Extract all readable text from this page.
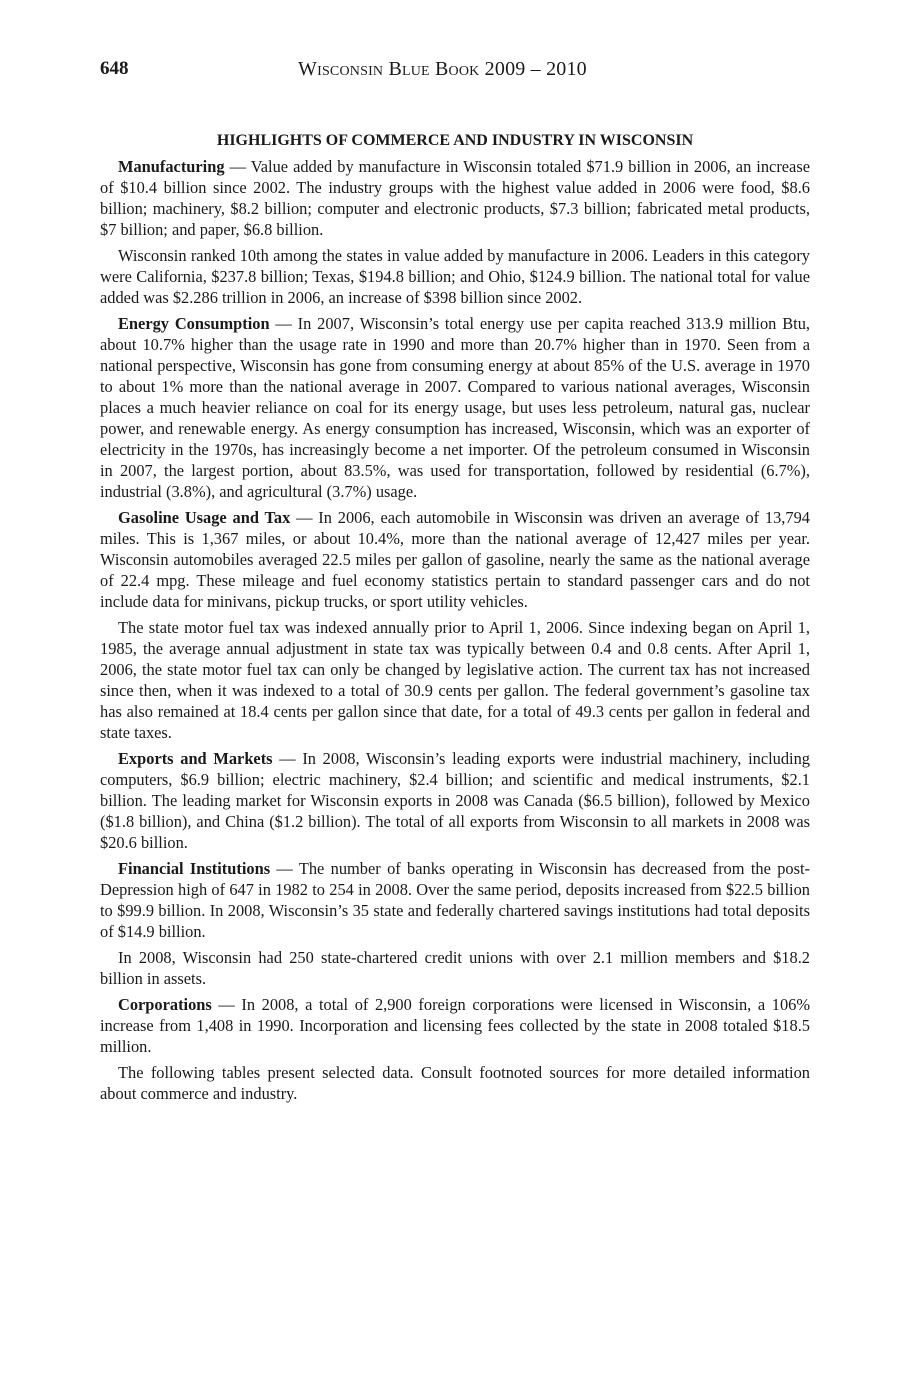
648	Wisconsin Blue Book 2009 – 2010
HIGHLIGHTS OF COMMERCE AND INDUSTRY IN WISCONSIN

Manufacturing — Value added by manufacture in Wisconsin totaled $71.9 billion in 2006, an increase of $10.4 billion since 2002. The industry groups with the highest value added in 2006 were food, $8.6 billion; machinery, $8.2 billion; computer and electronic products, $7.3 billion; fabricated metal products, $7 billion; and paper, $6.8 billion.

Wisconsin ranked 10th among the states in value added by manufacture in 2006. Leaders in this category were California, $237.8 billion; Texas, $194.8 billion; and Ohio, $124.9 billion. The national total for value added was $2.286 trillion in 2006, an increase of $398 billion since 2002.

Energy Consumption — In 2007, Wisconsin’s total energy use per capita reached 313.9 million Btu, about 10.7% higher than the usage rate in 1990 and more than 20.7% higher than in 1970. Seen from a national perspective, Wisconsin has gone from consuming energy at about 85% of the U.S. average in 1970 to about 1% more than the national average in 2007. Compared to various national averages, Wisconsin places a much heavier reliance on coal for its energy usage, but uses less petroleum, natural gas, nuclear power, and renewable energy. As energy consumption has increased, Wisconsin, which was an exporter of electricity in the 1970s, has increasingly become a net importer. Of the petroleum consumed in Wisconsin in 2007, the largest portion, about 83.5%, was used for transportation, followed by residential (6.7%), industrial (3.8%), and agricultural (3.7%) usage.

Gasoline Usage and Tax — In 2006, each automobile in Wisconsin was driven an average of 13,794 miles. This is 1,367 miles, or about 10.4%, more than the national average of 12,427 miles per year. Wisconsin automobiles averaged 22.5 miles per gallon of gasoline, nearly the same as the national average of 22.4 mpg. These mileage and fuel economy statistics pertain to standard passenger cars and do not include data for minivans, pickup trucks, or sport utility vehicles.

The state motor fuel tax was indexed annually prior to April 1, 2006. Since indexing began on April 1, 1985, the average annual adjustment in state tax was typically between 0.4 and 0.8 cents. After April 1, 2006, the state motor fuel tax can only be changed by legislative action. The current tax has not increased since then, when it was indexed to a total of 30.9 cents per gallon. The federal government’s gasoline tax has also remained at 18.4 cents per gallon since that date, for a total of 49.3 cents per gallon in federal and state taxes.

Exports and Markets — In 2008, Wisconsin’s leading exports were industrial machinery, including computers, $6.9 billion; electric machinery, $2.4 billion; and scientific and medical instruments, $2.1 billion. The leading market for Wisconsin exports in 2008 was Canada ($6.5 billion), followed by Mexico ($1.8 billion), and China ($1.2 billion). The total of all exports from Wisconsin to all markets in 2008 was $20.6 billion.

Financial Institutions — The number of banks operating in Wisconsin has decreased from the post-Depression high of 647 in 1982 to 254 in 2008. Over the same period, deposits increased from $22.5 billion to $99.9 billion. In 2008, Wisconsin’s 35 state and federally chartered savings institutions had total deposits of $14.9 billion.

In 2008, Wisconsin had 250 state-chartered credit unions with over 2.1 million members and $18.2 billion in assets.

Corporations — In 2008, a total of 2,900 foreign corporations were licensed in Wisconsin, a 106% increase from 1,408 in 1990. Incorporation and licensing fees collected by the state in 2008 totaled $18.5 million.

The following tables present selected data. Consult footnoted sources for more detailed information about commerce and industry.
